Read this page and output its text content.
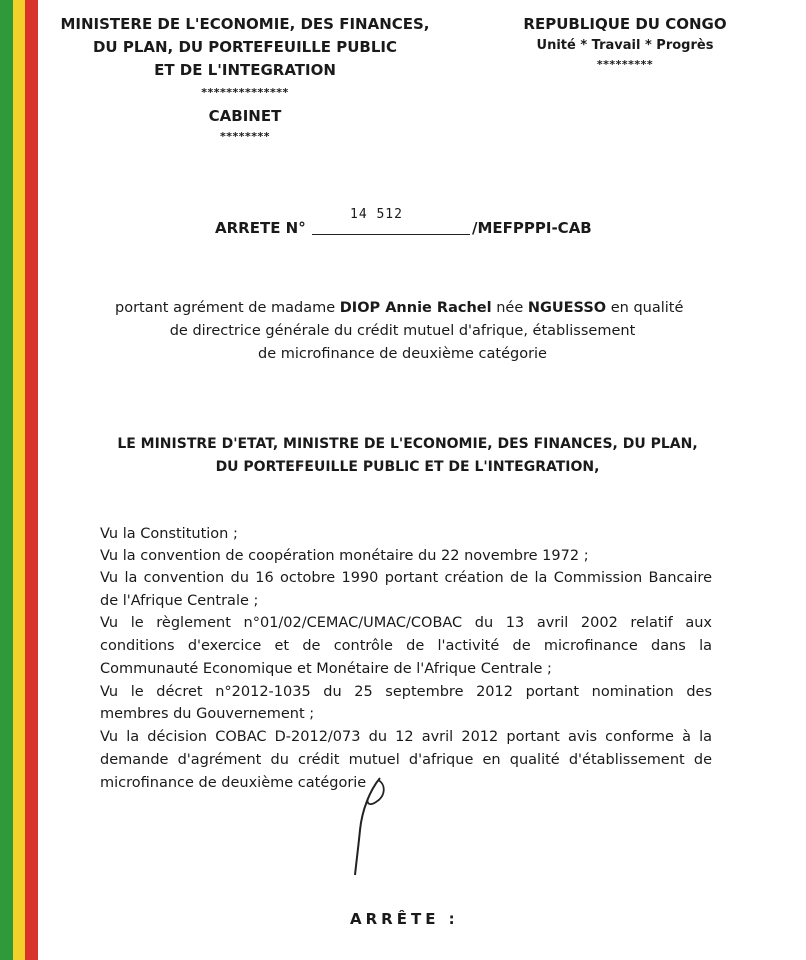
MINISTERE DE L'ECONOMIE, DES FINANCES,
DU PLAN, DU PORTEFEUILLE PUBLIC
ET DE L'INTEGRATION
**************
CABINET
********
REPUBLIQUE DU CONGO
Unité * Travail * Progrès
*********
ARRETE N°
14 512
/MEFPPPI-CAB
portant agrément de madame DIOP Annie Rachel née NGUESSO en qualité
de directrice générale du crédit mutuel d'afrique, établissement
de microfinance de deuxième catégorie
LE MINISTRE D'ETAT, MINISTRE DE L'ECONOMIE, DES FINANCES, DU PLAN,
DU PORTEFEUILLE PUBLIC ET DE L'INTEGRATION,
Vu la Constitution ;
Vu la convention de coopération monétaire du 22 novembre 1972 ;
Vu la convention du 16 octobre 1990 portant création de la Commission Bancaire
de l'Afrique Centrale ;
Vu le règlement n°01/02/CEMAC/UMAC/COBAC du 13 avril 2002 relatif aux
conditions d'exercice et de contrôle de l'activité de microfinance dans la
Communauté Economique et Monétaire de l'Afrique Centrale ;
Vu le décret n°2012-1035 du 25 septembre 2012 portant nomination des
membres du Gouvernement ;
Vu la décision COBAC D-2012/073 du 12 avril 2012 portant avis conforme à la
demande d'agrément du crédit mutuel d'afrique en qualité d'établissement de
microfinance de deuxième catégorie
ARRÊTE :
